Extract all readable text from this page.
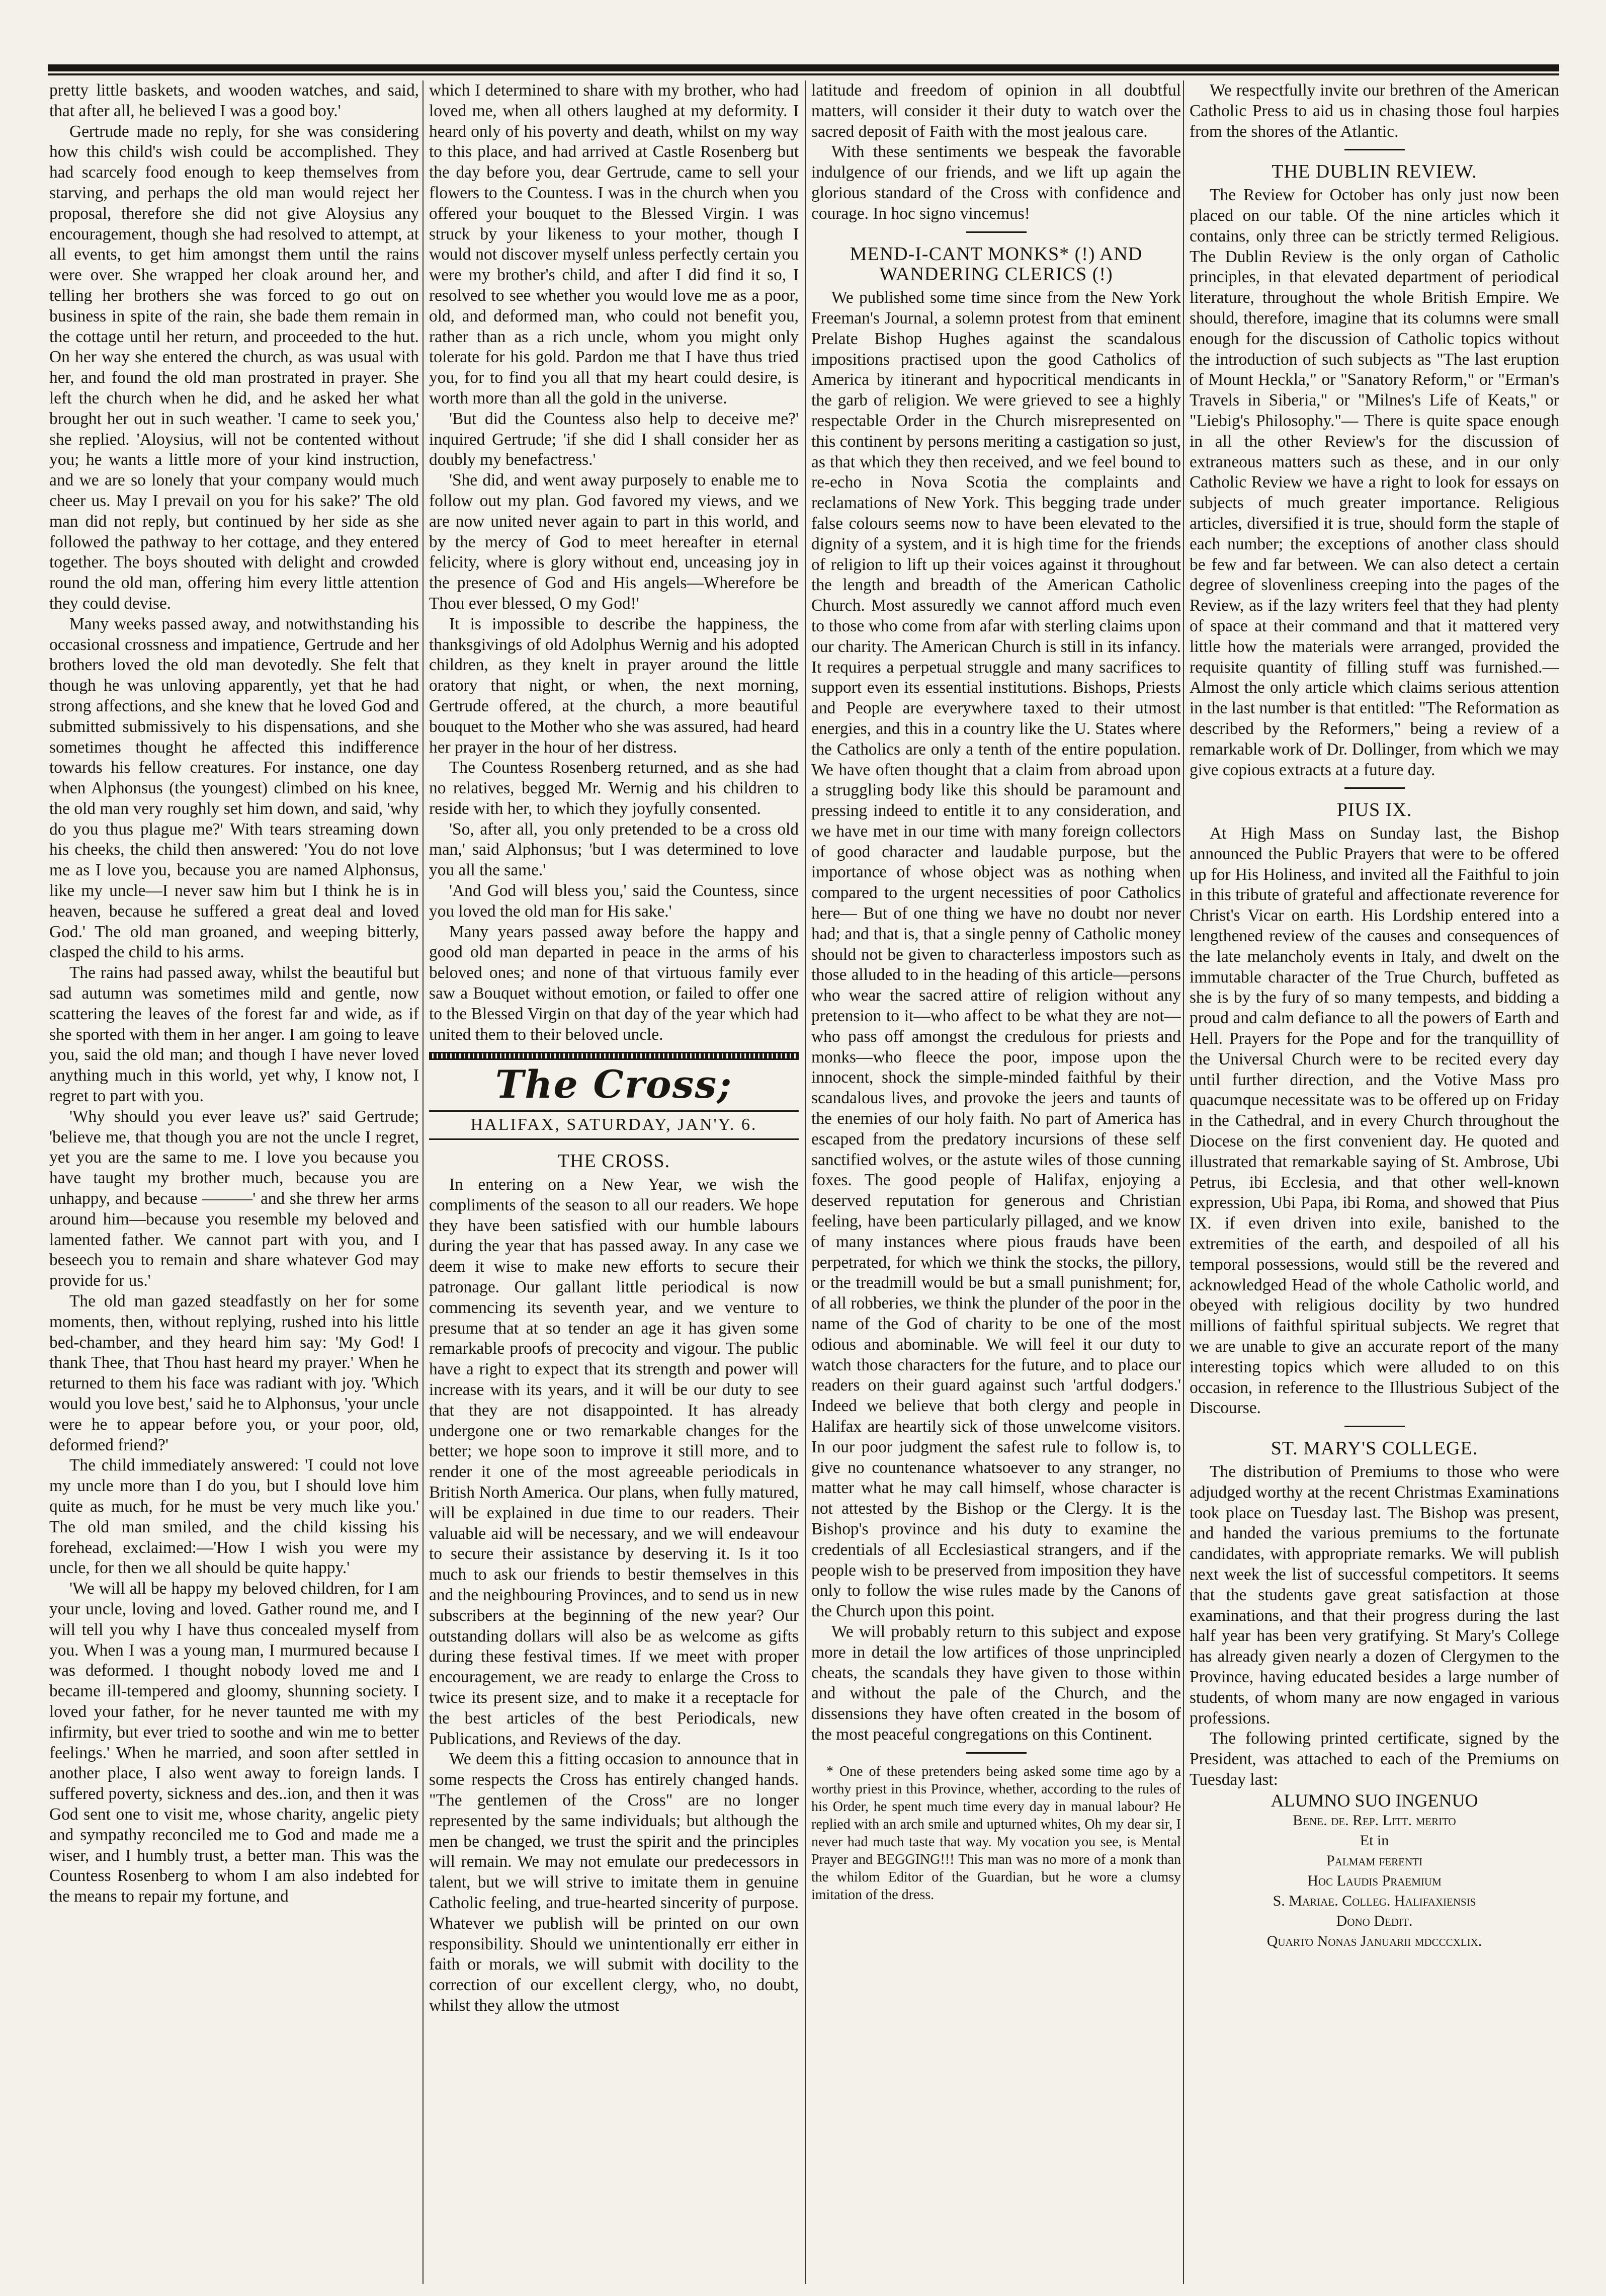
pretty little baskets, and wooden watches, and said, that after all, he believed I was a good boy.'

Gertrude made no reply, for she was considering how this child's wish could be accomplished. They had scarcely food enough to keep themselves from starving, and perhaps the old man would reject her proposal, therefore she did not give Aloysius any encouragement, though she had resolved to attempt, at all events, to get him amongst them until the rains were over. She wrapped her cloak around her, and telling her brothers she was forced to go out on business in spite of the rain, she bade them remain in the cottage until her return, and proceeded to the hut. On her way she entered the church, as was usual with her, and found the old man prostrated in prayer. She left the church when he did, and he asked her what brought her out in such weather. 'I came to seek you,' she replied. 'Aloysius, will not be contented without you; he wants a little more of your kind instruction, and we are so lonely that your company would much cheer us. May I prevail on you for his sake?' The old man did not reply, but continued by her side as she followed the pathway to her cottage, and they entered together. The boys shouted with delight and crowded round the old man, offering him every little attention they could devise.

Many weeks passed away, and notwithstanding his occasional crossness and impatience, Gertrude and her brothers loved the old man devotedly. She felt that though he was unloving apparently, yet that he had strong affections, and she knew that he loved God and submitted submissively to his dispensations, and she sometimes thought he affected this indifference towards his fellow creatures. For instance, one day when Alphonsus (the youngest) climbed on his knee, the old man very roughly set him down, and said, 'why do you thus plague me?' With tears streaming down his cheeks, the child then answered: 'You do not love me as I love you, because you are named Alphonsus, like my uncle—I never saw him but I think he is in heaven, because he suffered a great deal and loved God.' The old man groaned, and weeping bitterly, clasped the child to his arms.

The rains had passed away, whilst the beautiful but sad autumn was sometimes mild and gentle, now scattering the leaves of the forest far and wide, as if she sported with them in her anger. I am going to leave you, said the old man; and though I have never loved anything much in this world, yet why, I know not, I regret to part with you.

'Why should you ever leave us?' said Gertrude; 'believe me, that though you are not the uncle I regret, yet you are the same to me. I love you because you have taught my brother much, because you are unhappy, and because ———' and she threw her arms around him—because you resemble my beloved and lamented father. We cannot part with you, and I beseech you to remain and share whatever God may provide for us.'

The old man gazed steadfastly on her for some moments, then, without replying, rushed into his little bed-chamber, and they heard him say: 'My God! I thank Thee, that Thou hast heard my prayer.' When he returned to them his face was radiant with joy. 'Which would you love best,' said he to Alphonsus, 'your uncle were he to appear before you, or your poor, old, deformed friend?'

The child immediately answered: 'I could not love my uncle more than I do you, but I should love him quite as much, for he must be very much like you.' The old man smiled, and the child kissing his forehead, exclaimed:—'How I wish you were my uncle, for then we all should be quite happy.'

'We will all be happy my beloved children, for I am your uncle, loving and loved. Gather round me, and I will tell you why I have thus concealed myself from you. When I was a young man, I murmured because I was deformed. I thought nobody loved me and I became ill-tempered and gloomy, shunning society. I loved your father, for he never taunted me with my infirmity, but ever tried to soothe and win me to better feelings.' When he married, and soon after settled in another place, I also went away to foreign lands. I suffered poverty, sickness and des..ion, and then it was God sent one to visit me, whose charity, angelic piety and sympathy reconciled me to God and made me a wiser, and I humbly trust, a better man. This was the Countess Rosenberg to whom I am also indebted for the means to repair my fortune, and

which I determined to share with my brother, who had loved me, when all others laughed at my deformity. I heard only of his poverty and death, whilst on my way to this place, and had arrived at Castle Rosenberg but the day before you, dear Gertrude, came to sell your flowers to the Countess. I was in the church when you offered your bouquet to the Blessed Virgin. I was struck by your likeness to your mother, though I would not discover myself unless perfectly certain you were my brother's child, and after I did find it so, I resolved to see whether you would love me as a poor, old, and deformed man, who could not benefit you, rather than as a rich uncle, whom you might only tolerate for his gold. Pardon me that I have thus tried you, for to find you all that my heart could desire, is worth more than all the gold in the universe.

'But did the Countess also help to deceive me?' inquired Gertrude; 'if she did I shall consider her as doubly my benefactress.'

'She did, and went away purposely to enable me to follow out my plan. God favored my views, and we are now united never again to part in this world, and by the mercy of God to meet hereafter in eternal felicity, where is glory without end, unceasing joy in the presence of God and His angels—Wherefore be Thou ever blessed, O my God!'

It is impossible to describe the happiness, the thanksgivings of old Adolphus Wernig and his adopted children, as they knelt in prayer around the little oratory that night, or when, the next morning, Gertrude offered, at the church, a more beautiful bouquet to the Mother who she was assured, had heard her prayer in the hour of her distress.

The Countess Rosenberg returned, and as she had no relatives, begged Mr. Wernig and his children to reside with her, to which they joyfully consented.

'So, after all, you only pretended to be a cross old man,' said Alphonsus; 'but I was determined to love you all the same.'

'And God will bless you,' said the Countess, since you loved the old man for His sake.'

Many years passed away before the happy and good old man departed in peace in the arms of his beloved ones; and none of that virtuous family ever saw a Bouquet without emotion, or failed to offer one to the Blessed Virgin on that day of the year which had united them to their beloved uncle.

The Cross;
HALIFAX, SATURDAY, JAN'Y. 6.
THE CROSS.

In entering on a New Year, we wish the compliments of the season to all our readers. We hope they have been satisfied with our humble labours during the year that has passed away. In any case we deem it wise to make new efforts to secure their patronage. Our gallant little periodical is now commencing its seventh year, and we venture to presume that at so tender an age it has given some remarkable proofs of precocity and vigour. The public have a right to expect that its strength and power will increase with its years, and it will be our duty to see that they are not disappointed. It has already undergone one or two remarkable changes for the better; we hope soon to improve it still more, and to render it one of the most agreeable periodicals in British North America. Our plans, when fully matured, will be explained in due time to our readers. Their valuable aid will be necessary, and we will endeavour to secure their assistance by deserving it. Is it too much to ask our friends to bestir themselves in this and the neighbouring Provinces, and to send us in new subscribers at the beginning of the new year? Our outstanding dollars will also be as welcome as gifts during these festival times. If we meet with proper encouragement, we are ready to enlarge the Cross to twice its present size, and to make it a receptacle for the best articles of the best Periodicals, new Publications, and Reviews of the day.

We deem this a fitting occasion to announce that in some respects the Cross has entirely changed hands. "The gentlemen of the Cross" are no longer represented by the same individuals; but although the men be changed, we trust the spirit and the principles will remain. We may not emulate our predecessors in talent, but we will strive to imitate them in genuine Catholic feeling, and true-hearted sincerity of purpose. Whatever we publish will be printed on our own responsibility. Should we unintentionally err either in faith or morals, we will submit with docility to the correction of our excellent clergy, who, no doubt, whilst they allow the utmost

latitude and freedom of opinion in all doubtful matters, will consider it their duty to watch over the sacred deposit of Faith with the most jealous care.

With these sentiments we bespeak the favorable indulgence of our friends, and we lift up again the glorious standard of the Cross with confidence and courage. In hoc signo vincemus!

MEND-I-CANT MONKS* (!) AND WANDERING CLERICS (!)

We published some time since from the New York Freeman's Journal, a solemn protest from that eminent Prelate Bishop Hughes against the scandalous impositions practised upon the good Catholics of America by itinerant and hypocritical mendicants in the garb of religion. We were grieved to see a highly respectable Order in the Church misrepresented on this continent by persons meriting a castigation so just, as that which they then received, and we feel bound to re-echo in Nova Scotia the complaints and reclamations of New York. This begging trade under false colours seems now to have been elevated to the dignity of a system, and it is high time for the friends of religion to lift up their voices against it throughout the length and breadth of the American Catholic Church. Most assuredly we cannot afford much even to those who come from afar with sterling claims upon our charity. The American Church is still in its infancy. It requires a perpetual struggle and many sacrifices to support even its essential institutions. Bishops, Priests and People are everywhere taxed to their utmost energies, and this in a country like the U. States where the Catholics are only a tenth of the entire population. We have often thought that a claim from abroad upon a struggling body like this should be paramount and pressing indeed to entitle it to any consideration, and we have met in our time with many foreign collectors of good character and laudable purpose, but the importance of whose object was as nothing when compared to the urgent necessities of poor Catholics here— But of one thing we have no doubt nor never had; and that is, that a single penny of Catholic money should not be given to characterless impostors such as those alluded to in the heading of this article—persons who wear the sacred attire of religion without any pretension to it—who affect to be what they are not—who pass off amongst the credulous for priests and monks—who fleece the poor, impose upon the innocent, shock the simple-minded faithful by their scandalous lives, and provoke the jeers and taunts of the enemies of our holy faith. No part of America has escaped from the predatory incursions of these self sanctified wolves, or the astute wiles of those cunning foxes. The good people of Halifax, enjoying a deserved reputation for generous and Christian feeling, have been particularly pillaged, and we know of many instances where pious frauds have been perpetrated, for which we think the stocks, the pillory, or the treadmill would be but a small punishment; for, of all robberies, we think the plunder of the poor in the name of the God of charity to be one of the most odious and abominable. We will feel it our duty to watch those characters for the future, and to place our readers on their guard against such 'artful dodgers.' Indeed we believe that both clergy and people in Halifax are heartily sick of those unwelcome visitors. In our poor judgment the safest rule to follow is, to give no countenance whatsoever to any stranger, no matter what he may call himself, whose character is not attested by the Bishop or the Clergy. It is the Bishop's province and his duty to examine the credentials of all Ecclesiastical strangers, and if the people wish to be preserved from imposition they have only to follow the wise rules made by the Canons of the Church upon this point.

We will probably return to this subject and expose more in detail the low artifices of those unprincipled cheats, the scandals they have given to those within and without the pale of the Church, and the dissensions they have often created in the bosom of the most peaceful congregations on this Continent.

* One of these pretenders being asked some time ago by a worthy priest in this Province, whether, according to the rules of his Order, he spent much time every day in manual labour? He replied with an arch smile and upturned whites, Oh my dear sir, I never had much taste that way. My vocation you see, is Mental Prayer and BEGGING!!! This man was no more of a monk than the whilom Editor of the Guardian, but he wore a clumsy imitation of the dress.

We respectfully invite our brethren of the American Catholic Press to aid us in chasing those foul harpies from the shores of the Atlantic.

THE DUBLIN REVIEW.

The Review for October has only just now been placed on our table. Of the nine articles which it contains, only three can be strictly termed Religious. The Dublin Review is the only organ of Catholic principles, in that elevated department of periodical literature, throughout the whole British Empire. We should, therefore, imagine that its columns were small enough for the discussion of Catholic topics without the introduction of such subjects as "The last eruption of Mount Heckla," or "Sanatory Reform," or "Erman's Travels in Siberia," or "Milnes's Life of Keats," or "Liebig's Philosophy."— There is quite space enough in all the other Review's for the discussion of extraneous matters such as these, and in our only Catholic Review we have a right to look for essays on subjects of much greater importance. Religious articles, diversified it is true, should form the staple of each number; the exceptions of another class should be few and far between. We can also detect a certain degree of slovenliness creeping into the pages of the Review, as if the lazy writers feel that they had plenty of space at their command and that it mattered very little how the materials were arranged, provided the requisite quantity of filling stuff was furnished.— Almost the only article which claims serious attention in the last number is that entitled: "The Reformation as described by the Reformers," being a review of a remarkable work of Dr. Dollinger, from which we may give copious extracts at a future day.

PIUS IX.

At High Mass on Sunday last, the Bishop announced the Public Prayers that were to be offered up for His Holiness, and invited all the Faithful to join in this tribute of grateful and affectionate reverence for Christ's Vicar on earth. His Lordship entered into a lengthened review of the causes and consequences of the late melancholy events in Italy, and dwelt on the immutable character of the True Church, buffeted as she is by the fury of so many tempests, and bidding a proud and calm defiance to all the powers of Earth and Hell. Prayers for the Pope and for the tranquillity of the Universal Church were to be recited every day until further direction, and the Votive Mass pro quacumque necessitate was to be offered up on Friday in the Cathedral, and in every Church throughout the Diocese on the first convenient day. He quoted and illustrated that remarkable saying of St. Ambrose, Ubi Petrus, ibi Ecclesia, and that other well-known expression, Ubi Papa, ibi Roma, and showed that Pius IX. if even driven into exile, banished to the extremities of the earth, and despoiled of all his temporal possessions, would still be the revered and acknowledged Head of the whole Catholic world, and obeyed with religious docility by two hundred millions of faithful spiritual subjects. We regret that we are unable to give an accurate report of the many interesting topics which were alluded to on this occasion, in reference to the Illustrious Subject of the Discourse.

ST. MARY'S COLLEGE.

The distribution of Premiums to those who were adjudged worthy at the recent Christmas Examinations took place on Tuesday last. The Bishop was present, and handed the various premiums to the fortunate candidates, with appropriate remarks. We will publish next week the list of successful competitors. It seems that the students gave great satisfaction at those examinations, and that their progress during the last half year has been very gratifying. St Mary's College has already given nearly a dozen of Clergymen to the Province, having educated besides a large number of students, of whom many are now engaged in various professions.

The following printed certificate, signed by the President, was attached to each of the Premiums on Tuesday last:

ALUMNO SUO INGENUO

Bene. de. Rep. Litt. merito

Et in

Palmam ferenti

Hoc Laudis Praemium

S. Mariae. Colleg. Halifaxiensis

Dono Dedit.

Quarto Nonas Januarii mdcccxlix.
